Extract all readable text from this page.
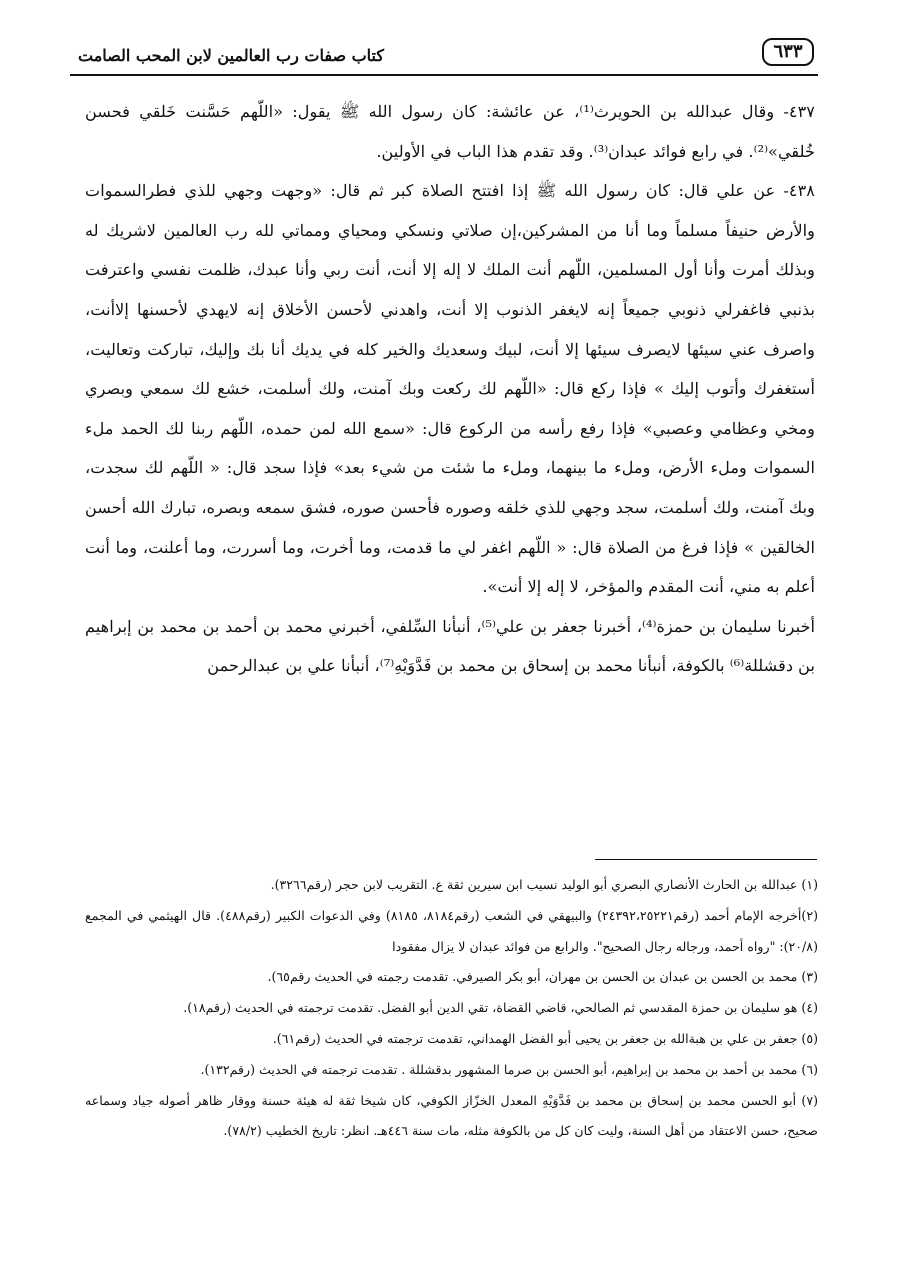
٦٣٣
كتاب صفات رب العالمين لابن المحب الصامت

٤٣٧- وقال عبدالله بن الحويرث⁽¹⁾، عن عائشة: كان رسول الله ﷺ يقول: «اللّهم حَسَّنت خَلقي فحسن خُلقي»⁽²⁾. في رابع فوائد عبدان⁽³⁾. وقد تقدم هذا الباب في الأولين.

٤٣٨- عن علي قال: كان رسول الله ﷺ إذا افتتح الصلاة كبر ثم قال: «وجهت وجهي للذي فطرالسموات والأرض حنيفاً مسلماً وما أنا من المشركين،إن صلاتي ونسكي ومحياي ومماتي لله رب العالمين لاشريك له وبذلك أمرت وأنا أول المسلمين، اللّهم أنت الملك لا إله إلا أنت، أنت ربي وأنا عبدك، ظلمت نفسي واعترفت بذنبي فاغفرلي ذنوبي جميعاً إنه لايغفر الذنوب إلا أنت، واهدني لأحسن الأخلاق إنه لايهدي لأحسنها إلاأنت، واصرف عني سيئها لايصرف سيئها إلا أنت، لبيك وسعديك والخير كله في يديك أنا بك وإليك، تباركت وتعاليت، أستغفرك وأتوب إليك » فإذا ركع قال: «اللّهم لك ركعت وبك آمنت، ولك أسلمت، خشع لك سمعي وبصري ومخي وعظامي وعصبي» فإذا رفع رأسه من الركوع قال: «سمع الله لمن حمده، اللّهم ربنا لك الحمد ملء السموات وملء الأرض، وملء ما بينهما، وملء ما شئت من شيء بعد» فإذا سجد قال: « اللّهم لك سجدت، وبك آمنت، ولك أسلمت، سجد وجهي للذي خلقه وصوره فأحسن صوره، فشق سمعه وبصره، تبارك الله أحسن الخالقين » فإذا فرغ من الصلاة قال: « اللّهم اغفر لي ما قدمت، وما أخرت، وما أسررت، وما أعلنت، وما أنت أعلم به مني، أنت المقدم والمؤخر، لا إله إلا أنت».

أخبرنا سليمان بن حمزة⁽⁴⁾، أخبرنا جعفر بن علي⁽⁵⁾، أنبأنا السِّلفي، أخبرني محمد بن أحمد بن محمد بن إبراهيم بن دقشللة⁽⁶⁾ بالكوفة، أنبأنا محمد بن إسحاق بن محمد بن فَدَّوَيْهِ⁽⁷⁾، أنبأنا علي بن عبدالرحمن

(١) عبدالله بن الحارث الأنصاري البصري أبو الوليد نسيب ابن سيرين ثقة ع. التقريب لابن حجر (رقم٣٢٦٦).

(٢)أخرجه الإمام أحمد (رقم٢٤٣٩٢،٢٥٢٢١) والبيهقي في الشعب (رقم٨١٨٤، ٨١٨٥) وفي الدعوات الكبير (رقم٤٨٨). قال الهيثمي في المجمع (٢٠/٨): "رواه أحمد، ورجاله رجال الصحيح". والرابع من فوائد عبدان لا يزال مفقودا

(٣) محمد بن الحسن بن عبدان بن الحسن بن مهران، أبو بكر الصيرفي. تقدمت رجمته في الحديث رقم٦٥).

(٤) هو سليمان بن حمزة المقدسي ثم الصالحي، قاضي القضاة، تقي الدين أبو الفضل. تقدمت ترجمته في الحديث (رقم١٨).

(٥) جعفر بن علي بن هبةالله بن جعفر بن يحيى أبو الفضل الهمداني، تقدمت ترجمته في الحديث (رقم٦١).

(٦) محمد بن أحمد بن محمد بن إبراهيم، أبو الحسن بن صرما المشهور بدقشللة . تقدمت ترجمته في الحديث (رقم١٣٢).

(٧) أبو الحسن محمد بن إسحاق بن محمد بن فَدَّوَيْهِ المعدل الخزّاز الكوفي، كان شيخا ثقة له هيئة حسنة ووقار ظاهر أصوله جياد وسماعه صحيح، حسن الاعتقاد من أهل السنة، وليت كان كل من بالكوفة مثله، مات سنة ٤٤٦هـ. انظر: تاريخ الخطيب (٧٨/٢).
